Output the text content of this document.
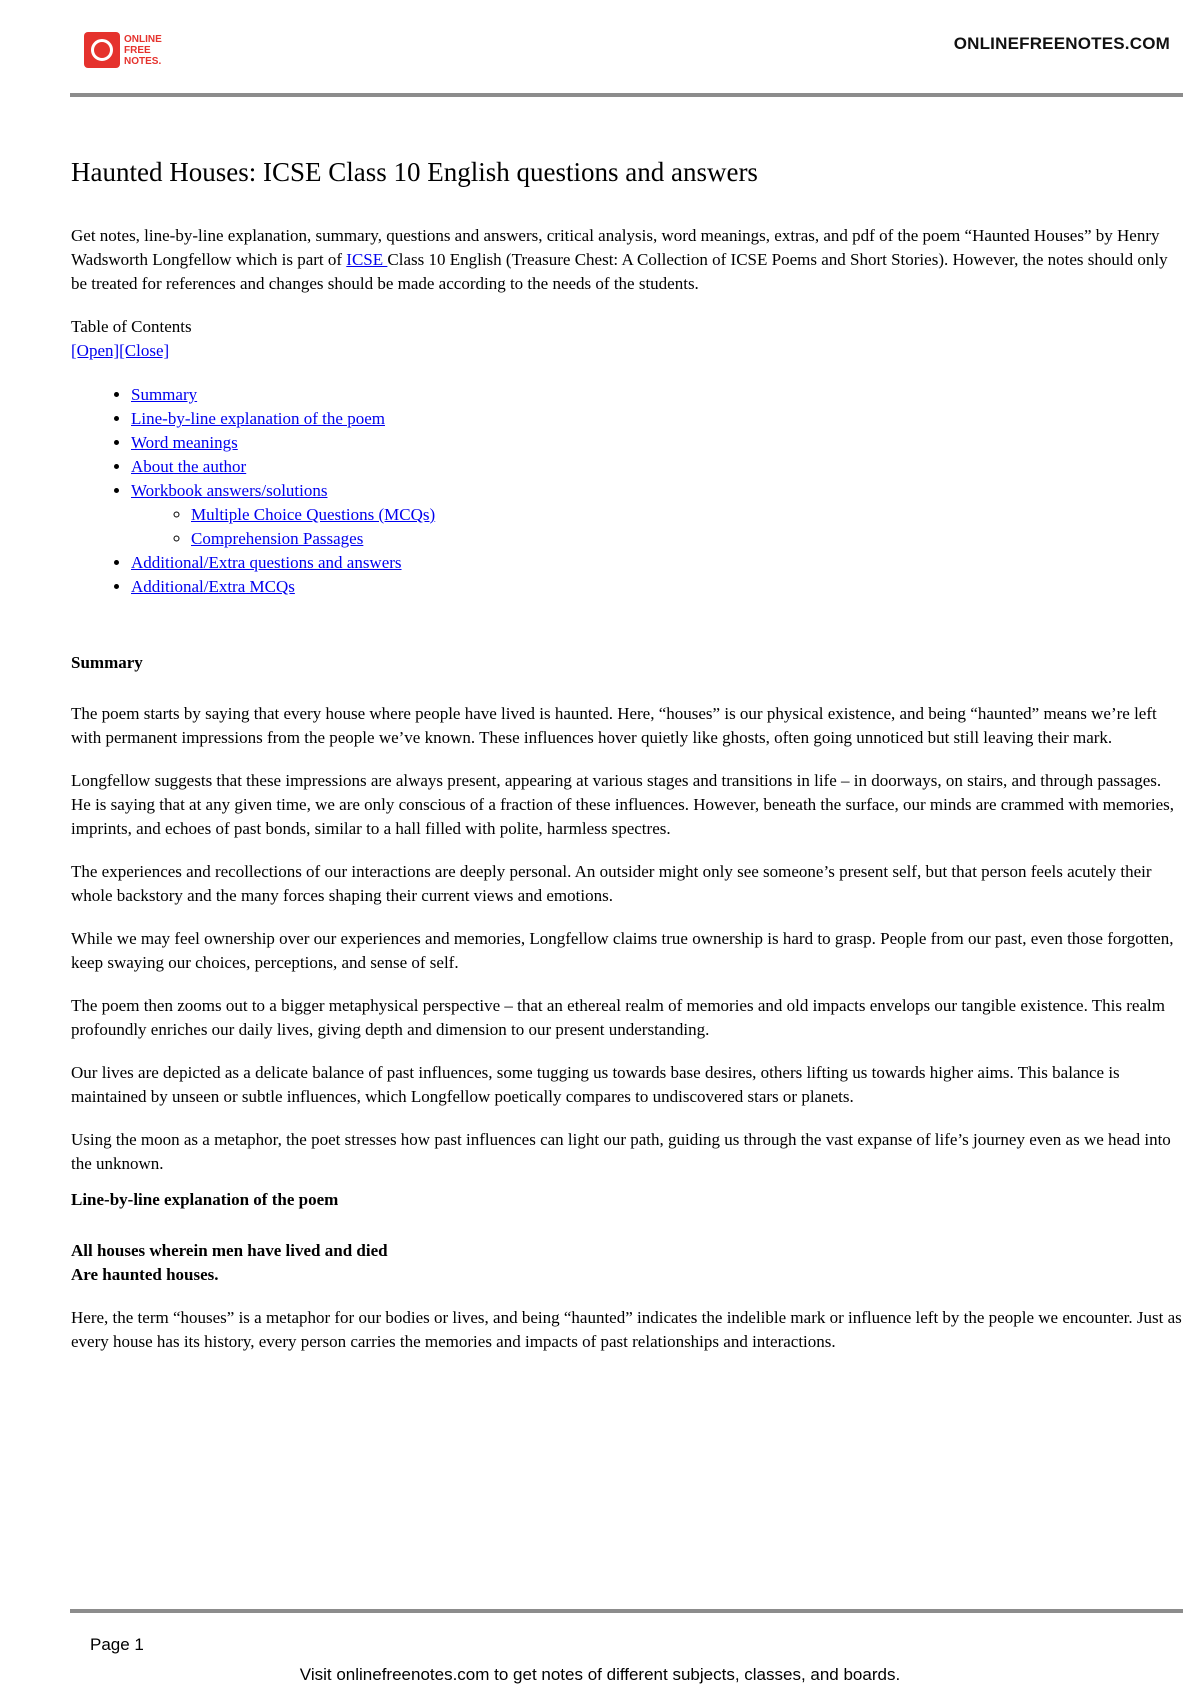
ONLINE
FREE
NOTES.
ONLINEFREENOTES.COM
Haunted Houses: ICSE Class 10 English questions and answers

Get notes, line-by-line explanation, summary, questions and answers, critical analysis, word meanings, extras, and pdf of the poem “Haunted Houses” by Henry Wadsworth Longfellow which is part of ICSE Class 10 English (Treasure Chest: A Collection of ICSE Poems and Short Stories). However, the notes should only be treated for references and changes should be made according to the needs of the students.

Table of Contents
[Open][Close]
• Summary
• Line-by-line explanation of the poem
• Word meanings
• About the author
• Workbook answers/solutions
◦ Multiple Choice Questions (MCQs)
◦ Comprehension Passages
• Additional/Extra questions and answers
• Additional/Extra MCQs
Summary

The poem starts by saying that every house where people have lived is haunted. Here, “houses” is our physical existence, and being “haunted” means we’re left with permanent impressions from the people we’ve known. These influences hover quietly like ghosts, often going unnoticed but still leaving their mark.

Longfellow suggests that these impressions are always present, appearing at various stages and transitions in life – in doorways, on stairs, and through passages. He is saying that at any given time, we are only conscious of a fraction of these influences. However, beneath the surface, our minds are crammed with memories, imprints, and echoes of past bonds, similar to a hall filled with polite, harmless spectres.

The experiences and recollections of our interactions are deeply personal. An outsider might only see someone’s present self, but that person feels acutely their whole backstory and the many forces shaping their current views and emotions.

While we may feel ownership over our experiences and memories, Longfellow claims true ownership is hard to grasp. People from our past, even those forgotten, keep swaying our choices, perceptions, and sense of self.

The poem then zooms out to a bigger metaphysical perspective – that an ethereal realm of memories and old impacts envelops our tangible existence. This realm profoundly enriches our daily lives, giving depth and dimension to our present understanding.

Our lives are depicted as a delicate balance of past influences, some tugging us towards base desires, others lifting us towards higher aims. This balance is maintained by unseen or subtle influences, which Longfellow poetically compares to undiscovered stars or planets.

Using the moon as a metaphor, the poet stresses how past influences can light our path, guiding us through the vast expanse of life’s journey even as we head into the unknown.

Line-by-line explanation of the poem
All houses wherein men have lived and died
Are haunted houses.

Here, the term “houses” is a metaphor for our bodies or lives, and being “haunted” indicates the indelible mark or influence left by the people we encounter. Just as every house has its history, every person carries the memories and impacts of past relationships and interactions.

Page 1
Visit onlinefreenotes.com to get notes of different subjects, classes, and boards.
